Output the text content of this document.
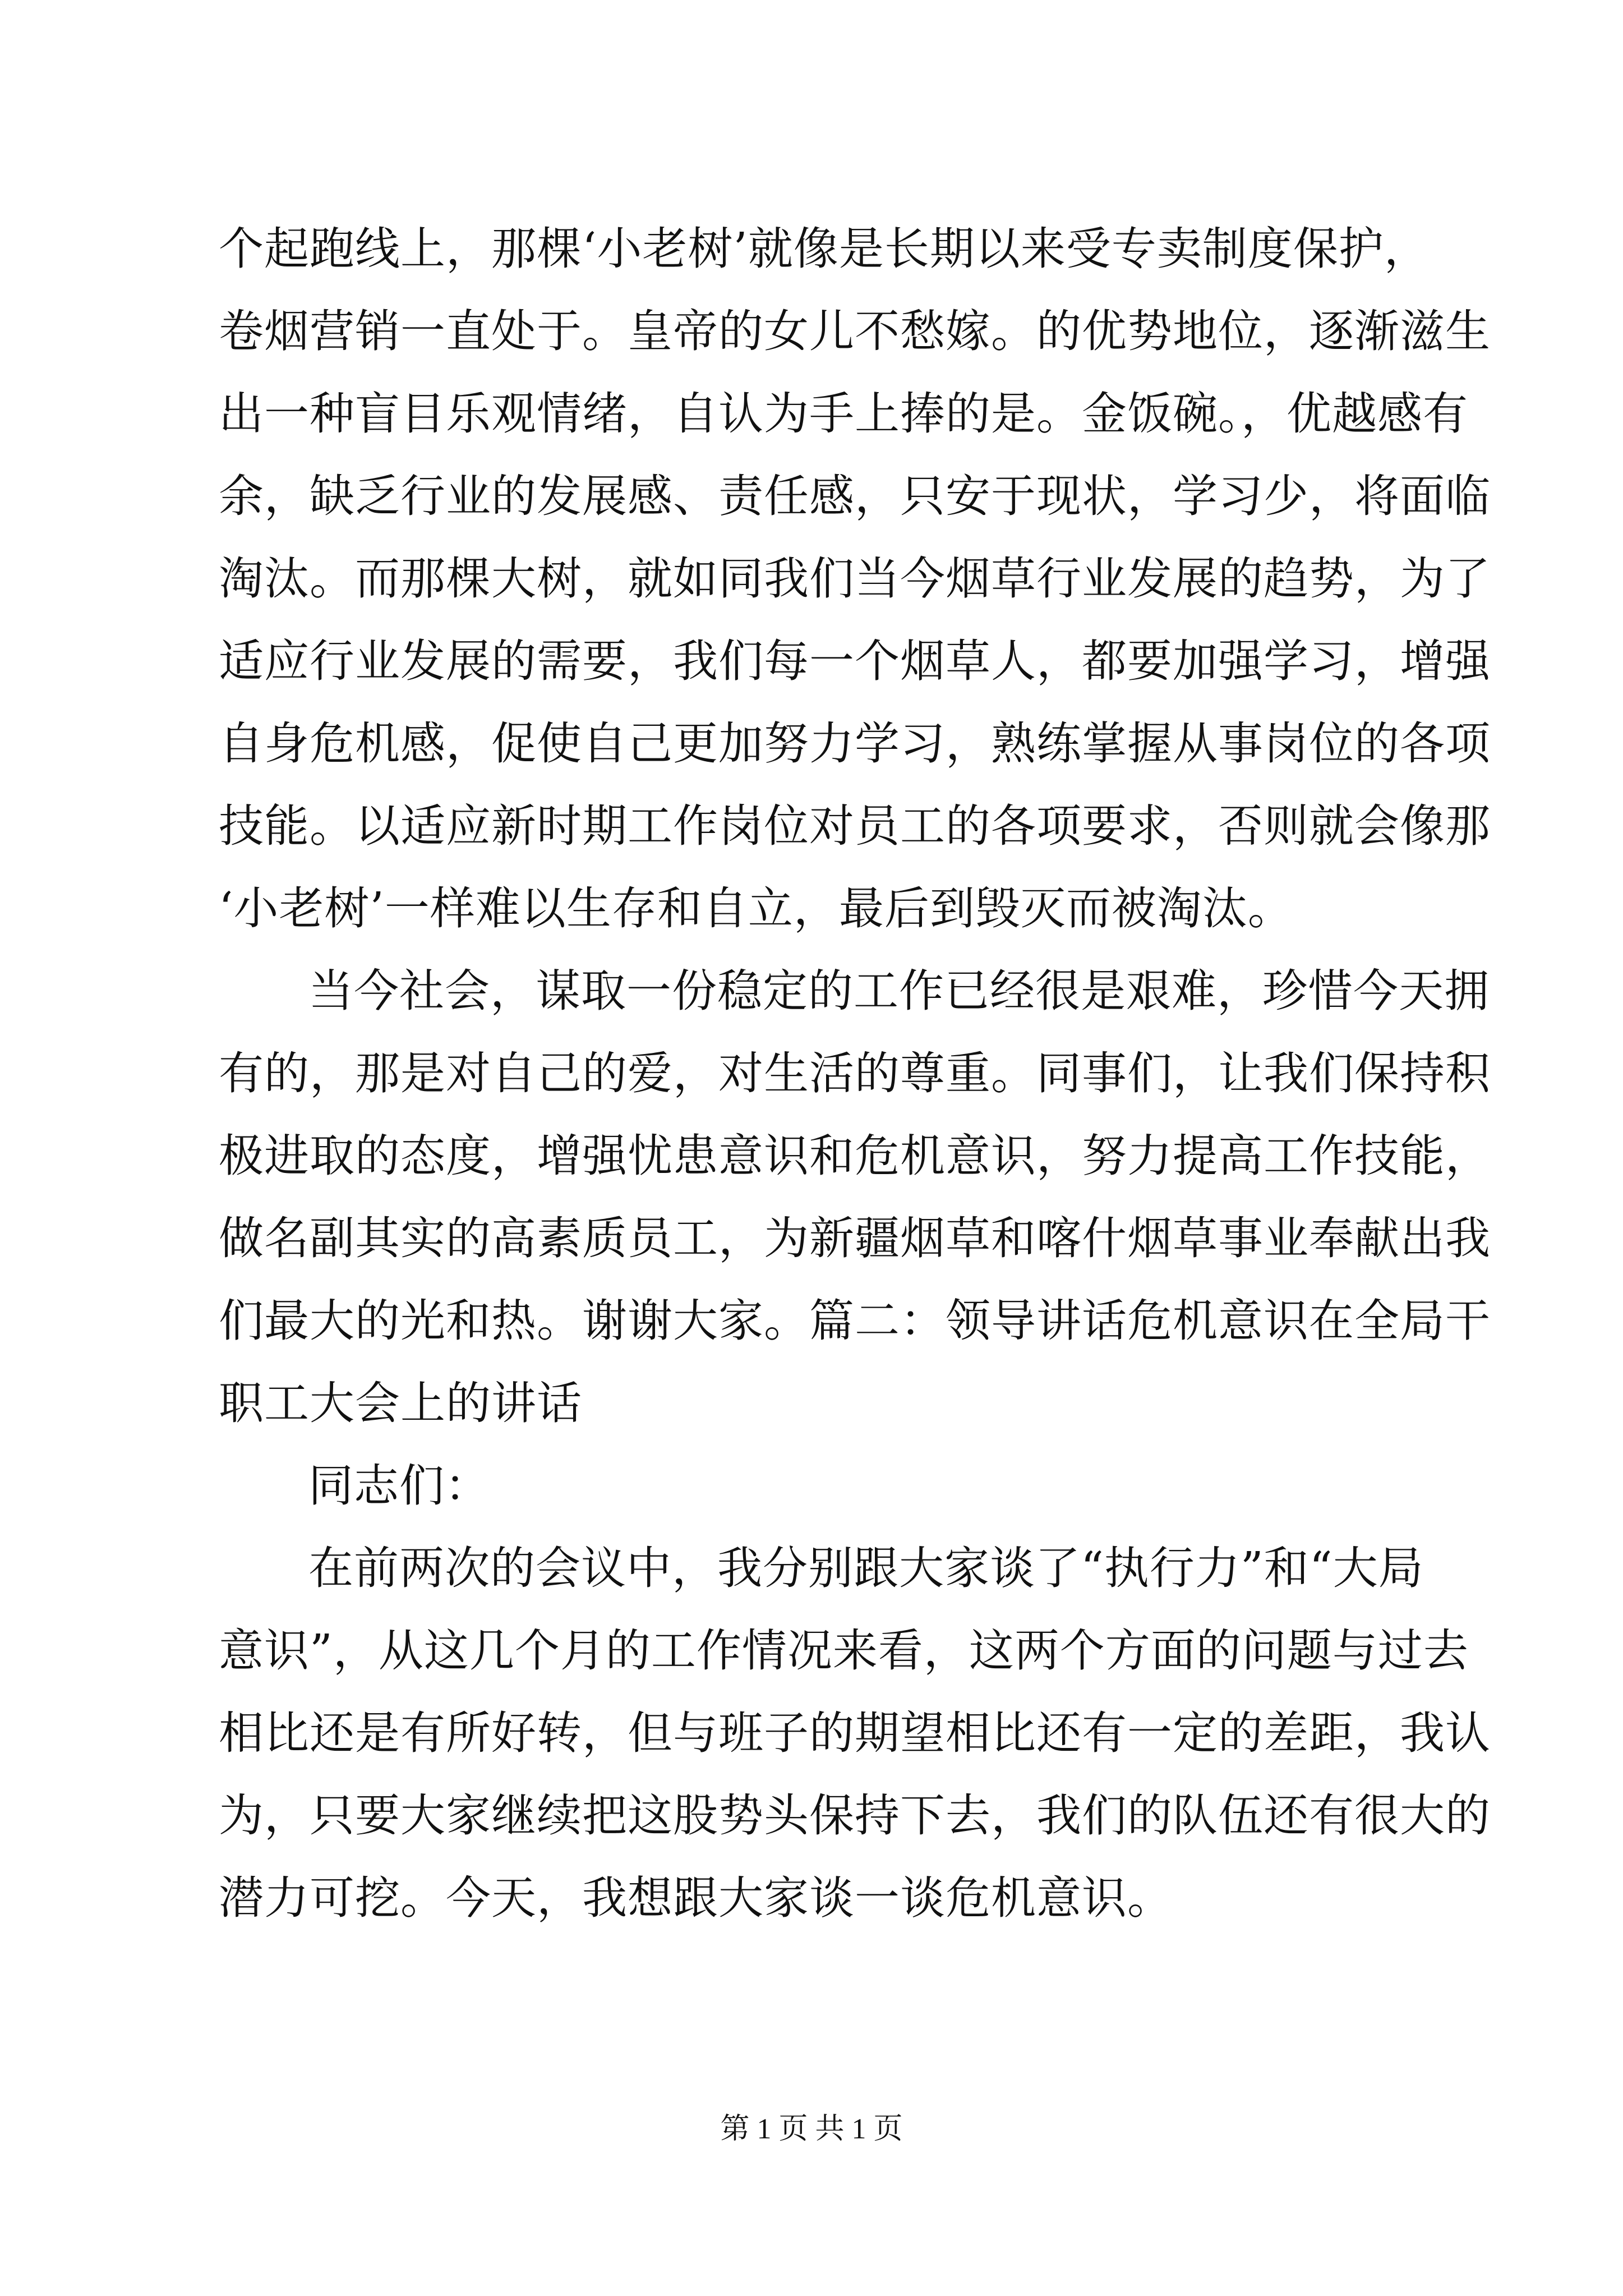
个起跑线上，那棵‘小老树’就像是长期以来受专卖制度保护，
卷烟营销一直处于。皇帝的女儿不愁嫁。的优势地位，逐渐滋生
出一种盲目乐观情绪，自认为手上捧的是。金饭碗。，优越感有
余，缺乏行业的发展感、责任感，只安于现状，学习少，将面临
淘汰。而那棵大树，就如同我们当今烟草行业发展的趋势，为了
适应行业发展的需要，我们每一个烟草人，都要加强学习，增强
自身危机感，促使自己更加努力学习，熟练掌握从事岗位的各项
技能。以适应新时期工作岗位对员工的各项要求，否则就会像那
‘小老树’一样难以生存和自立，最后到毁灭而被淘汰。
当今社会，谋取一份稳定的工作已经很是艰难，珍惜今天拥
有的，那是对自己的爱，对生活的尊重。同事们，让我们保持积
极进取的态度，增强忧患意识和危机意识，努力提高工作技能，
做名副其实的高素质员工，为新疆烟草和喀什烟草事业奉献出我
们最大的光和热。谢谢大家。篇二：领导讲话危机意识在全局干
职工大会上的讲话
同志们：
在前两次的会议中，我分别跟大家谈了“执行力”和“大局
意识”，从这几个月的工作情况来看，这两个方面的问题与过去
相比还是有所好转，但与班子的期望相比还有一定的差距，我认
为，只要大家继续把这股势头保持下去，我们的队伍还有很大的
潜力可挖。今天，我想跟大家谈一谈危机意识。
第 1 页 共 1 页
